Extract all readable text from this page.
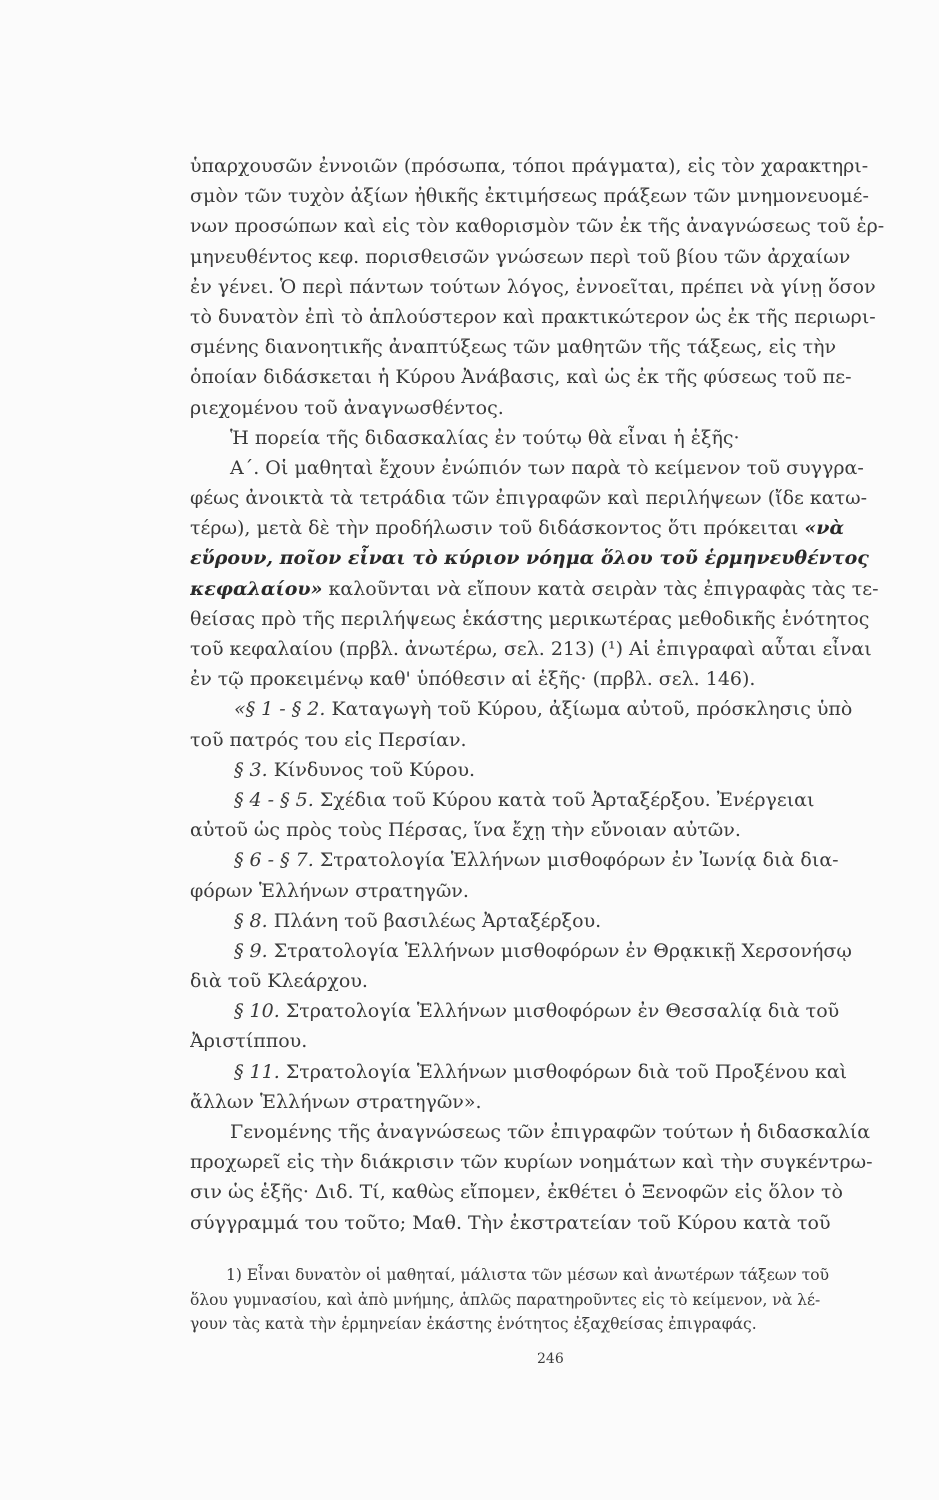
ὑπαρχουσῶν ἐννοιῶν (πρόσωπα, τόποι πράγματα), εἰς τὸν χαρακτηρι-
σμὸν τῶν τυχὸν ἀξίων ἠθικῆς ἐκτιμήσεως πράξεων τῶν μνημονευομέ-
νων προσώπων καὶ εἰς τὸν καθορισμὸν τῶν ἐκ τῆς ἀναγνώσεως τοῦ ἑρ-
μηνευθέντος κεφ. πορισθεισῶν γνώσεων περὶ τοῦ βίου τῶν ἀρχαίων
ἐν γένει. Ὁ περὶ πάντων τούτων λόγος, ἐννοεῖται, πρέπει νὰ γίνῃ ὅσον
τὸ δυνατὸν ἐπὶ τὸ ἁπλούστερον καὶ πρακτικώτερον ὡς ἐκ τῆς περιωρι-
σμένης διανοητικῆς ἀναπτύξεως τῶν μαθητῶν τῆς τάξεως, εἰς τὴν
ὁποίαν διδάσκεται ἡ Κύρου Ἀνάβασις, καὶ ὡς ἐκ τῆς φύσεως τοῦ πε-
ριεχομένου τοῦ ἀναγνωσθέντος.
Ἡ πορεία τῆς διδασκαλίας ἐν τούτῳ θὰ εἶναι ἡ ἑξῆς·
Α΄. Οἱ μαθηταὶ ἔχουν ἐνώπιόν των παρὰ τὸ κείμενον τοῦ συγγρα-
φέως ἀνοικτὰ τὰ τετράδια τῶν ἐπιγραφῶν καὶ περιλήψεων (ἴδε κατω-
τέρω), μετὰ δὲ τὴν προδήλωσιν τοῦ διδάσκοντος ὅτι πρόκειται «νὰ
εὕρουν, ποῖον εἶναι τὸ κύριον νόημα ὅλου τοῦ ἑρμηνευθέντος
κεφαλαίου» καλοῦνται νὰ εἴπουν κατὰ σειρὰν τὰς ἐπιγραφὰς τὰς τε-
θείσας πρὸ τῆς περιλήψεως ἑκάστης μερικωτέρας μεθοδικῆς ἑνότητος
τοῦ κεφαλαίου (πρβλ. ἀνωτέρω, σελ. 213) (¹) Αἱ ἐπιγραφαὶ αὗται εἶναι
ἐν τῷ προκειμένῳ καθ' ὑπόθεσιν αἱ ἑξῆς· (πρβλ. σελ. 146).
«§ 1 - § 2. Καταγωγὴ τοῦ Κύρου, ἀξίωμα αὐτοῦ, πρόσκλησις ὑπὸ
τοῦ πατρός του εἰς Περσίαν.
§ 3. Κίνδυνος τοῦ Κύρου.
§ 4 - § 5. Σχέδια τοῦ Κύρου κατὰ τοῦ Ἀρταξέρξου. Ἐνέργειαι
αὐτοῦ ὡς πρὸς τοὺς Πέρσας, ἵνα ἔχῃ τὴν εὔνοιαν αὐτῶν.
§ 6 - § 7. Στρατολογία Ἑλλήνων μισθοφόρων ἐν Ἰωνίᾳ διὰ δια-
φόρων Ἑλλήνων στρατηγῶν.
§ 8. Πλάνη τοῦ βασιλέως Ἀρταξέρξου.
§ 9. Στρατολογία Ἑλλήνων μισθοφόρων ἐν Θρᾳκικῇ Χερσονήσῳ
διὰ τοῦ Κλεάρχου.
§ 10. Στρατολογία Ἑλλήνων μισθοφόρων ἐν Θεσσαλίᾳ διὰ τοῦ
Ἀριστίππου.
§ 11. Στρατολογία Ἑλλήνων μισθοφόρων διὰ τοῦ Προξένου καὶ
ἄλλων Ἑλλήνων στρατηγῶν».
Γενομένης τῆς ἀναγνώσεως τῶν ἐπιγραφῶν τούτων ἡ διδασκαλία
προχωρεῖ εἰς τὴν διάκρισιν τῶν κυρίων νοημάτων καὶ τὴν συγκέντρω-
σιν ὡς ἑξῆς· Διδ. Τί, καθὼς εἴπομεν, ἐκθέτει ὁ Ξενοφῶν εἰς ὅλον τὸ
σύγγραμμά του τοῦτο; Μαθ. Τὴν ἐκστρατείαν τοῦ Κύρου κατὰ τοῦ
1) Εἶναι δυνατὸν οἱ μαθηταί, μάλιστα τῶν μέσων καὶ ἀνωτέρων τάξεων τοῦ
ὅλου γυμνασίου, καὶ ἀπὸ μνήμης, ἁπλῶς παρατηροῦντες εἰς τὸ κείμενον, νὰ λέ-
γουν τὰς κατὰ τὴν ἑρμηνείαν ἑκάστης ἑνότητος ἐξαχθείσας ἐπιγραφάς.
246
